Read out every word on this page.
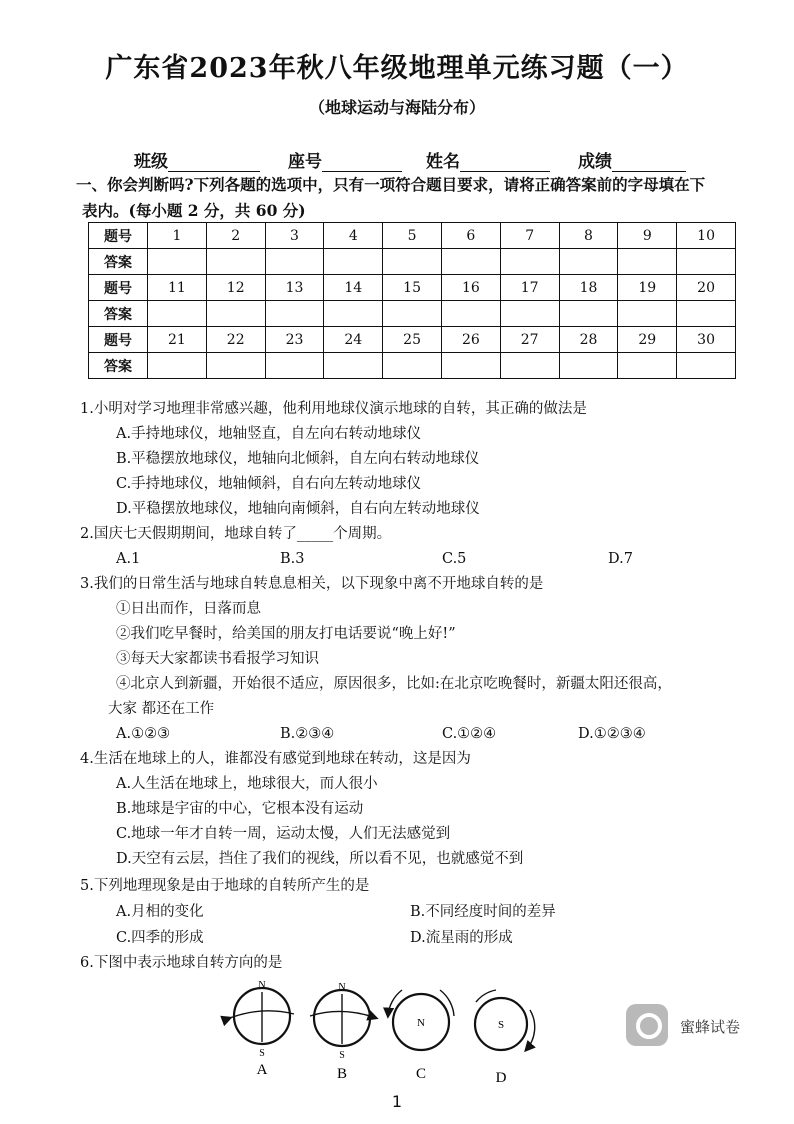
广东省2023年秋八年级地理单元练习题（一）
（地球运动与海陆分布）
班级	座号	姓名	成绩
一、你会判断吗?下列各题的选项中，只有一项符合题目要求，请将正确答案前的字母填在下
表内。(每小题 2 分，共 60 分)
题号	1	2	3	4	5	6	7	8	9	10
答案										
题号	11	12	13	14	15	16	17	18	19	20
答案										
题号	21	22	23	24	25	26	27	28	29	30
答案										
1.小明对学习地理非常感兴趣，他利用地球仪演示地球的自转，其正确的做法是
A.手持地球仪，地轴竖直，自左向右转动地球仪
B.平稳摆放地球仪，地轴向北倾斜，自左向右转动地球仪
C.手持地球仪，地轴倾斜，自右向左转动地球仪
D.平稳摆放地球仪，地轴向南倾斜，自右向左转动地球仪
2.国庆七天假期期间，地球自转了_____个周期。
A.1	B.3	C.5	D.7
3.我们的日常生活与地球自转息息相关，以下现象中离不开地球自转的是
①日出而作，日落而息
②我们吃早餐时，给美国的朋友打电话要说“晚上好!”
③每天大家都读书看报学习知识
④北京人到新疆，开始很不适应，原因很多，比如:在北京吃晚餐时，新疆太阳还很高，
大家 都还在工作
A.①②③	B.②③④	C.①②④	D.①②③④
4.生活在地球上的人，谁都没有感觉到地球在转动，这是因为
A.人生活在地球上，地球很大，而人很小
B.地球是宇宙的中心，它根本没有运动
C.地球一年才自转一周，运动太慢，人们无法感觉到
D.天空有云层，挡住了我们的视线，所以看不见，也就感觉不到
5.下列地理现象是由于地球的自转所产生的是
A.月相的变化	B.不同经度时间的差异
C.四季的形成	D.流星雨的形成
6.下图中表示地球自转方向的是
N
S
A
N
S
B
N
C
S
D
蜜蜂试卷
1
